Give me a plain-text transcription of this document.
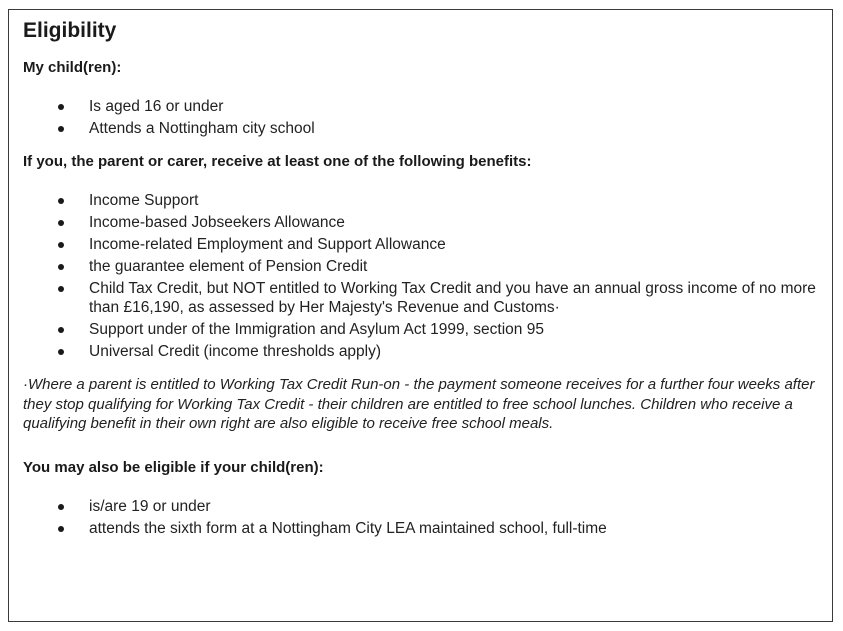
Eligibility

My child(ren):

Is aged 16 or under
Attends a Nottingham city school

If you, the parent or carer, receive at least one of the following benefits:

Income Support
Income-based Jobseekers Allowance
Income-related Employment and Support Allowance
the guarantee element of Pension Credit
Child Tax Credit, but NOT entitled to Working Tax Credit and you have an annual gross income of no more than £16,190, as assessed by Her Majesty's Revenue and Customs·
Support under of the Immigration and Asylum Act 1999, section 95
Universal Credit (income thresholds apply)

·Where a parent is entitled to Working Tax Credit Run-on - the payment someone receives for a further four weeks after they stop qualifying for Working Tax Credit - their children are entitled to free school lunches. Children who receive a qualifying benefit in their own right are also eligible to receive free school meals.

You may also be eligible if your child(ren):

is/are 19 or under
attends the sixth form at a Nottingham City LEA maintained school, full-time
